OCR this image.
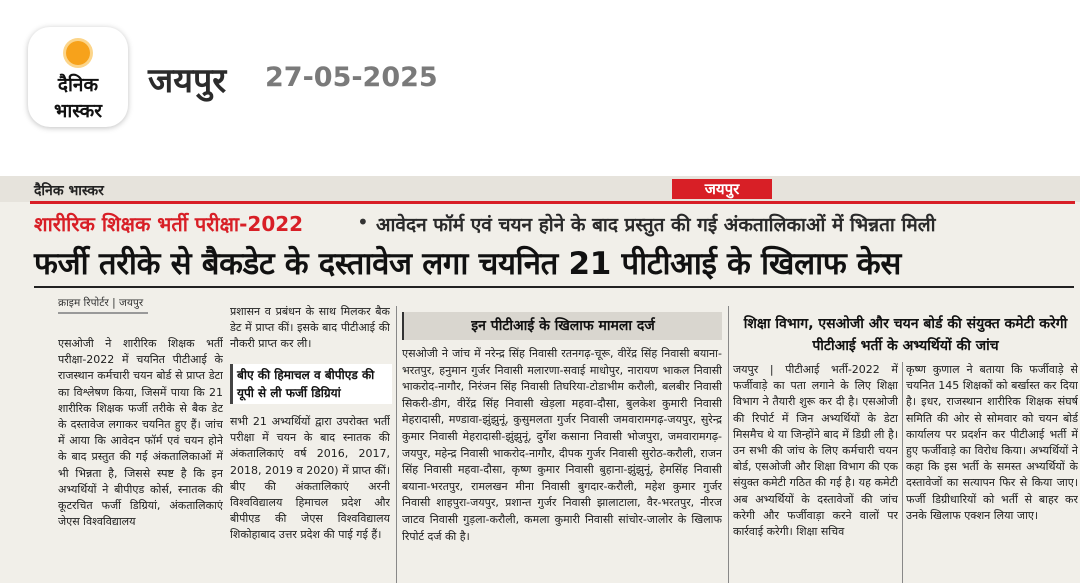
दैनिक
भास्कर
जयपुर 27-05-2025
दैनिक भास्कर	जयपुर
शारीरिक शिक्षक भर्ती परीक्षा-2022	• आवेदन फॉर्म एवं चयन होने के बाद प्रस्तुत की गई अंकतालिकाओं में भिन्नता मिली
फर्जी तरीके से बैकडेट के दस्तावेज लगा चयनित 21 पीटीआई के खिलाफ केस
क्राइम रिपोर्टर | जयपुर
एसओजी ने शारीरिक शिक्षक भर्ती परीक्षा-2022 में चयनित पीटीआई के राजस्थान कर्मचारी चयन बोर्ड से प्राप्त डेटा का विश्लेषण किया, जिसमें पाया कि 21 शारीरिक शिक्षक फर्जी तरीके से बैक डेट के दस्तावेज लगाकर चयनित हुए हैं। जांच में आया कि आवेदन फॉर्म एवं चयन होने के बाद प्रस्तुत की गई अंकतालिकाओं में भी भिन्नता है, जिससे स्पष्ट है कि इन अभ्यर्थियों ने बीपीएड कोर्स, स्नातक की कूटरचित फर्जी डिग्रियां, अंकतालिकाएं जेएस विश्वविद्यालय
प्रशासन व प्रबंधन के साथ मिलकर बैक डेट में प्राप्त कीं। इसके बाद पीटीआई की नौकरी प्राप्त कर ली।
बीए की हिमाचल व बीपीएड की यूपी से ली फर्जी डिग्रियां
सभी 21 अभ्यर्थियों द्वारा उपरोक्त भर्ती परीक्षा में चयन के बाद स्नातक की अंकतालिकाएं वर्ष 2016, 2017, 2018, 2019 व 2020) में प्राप्त कीं। बीए की अंकतालिकाएं अरनी विश्वविद्यालय हिमाचल प्रदेश और बीपीएड की जेएस विश्वविद्यालय शिकोहाबाद उत्तर प्रदेश की पाई गई हैं।
इन पीटीआई के खिलाफ मामला दर्ज
एसओजी ने जांच में नरेन्द्र सिंह निवासी रतनगढ़-चूरू, वीरेंद्र सिंह निवासी बयाना-भरतपुर, हनुमान गुर्जर निवासी मलारणा-सवाई माधोपुर, नारायण भाकल निवासी भाकरोद-नागौर, निरंजन सिंह निवासी तिघरिया-टोडाभीम करौली, बलबीर निवासी सिकरी-डीग, वीरेंद्र सिंह निवासी खेड़ला महवा-दौसा, बुलकेश कुमारी निवासी मेहरादासी, मण्डावा-झुंझुनूं, कुसुमलता गुर्जर निवासी जमवारामगढ़-जयपुर, सुरेन्द्र कुमार निवासी मेहरादासी-झुंझुनूं, दुर्गेश कसाना निवासी भोजपुरा, जमवारामगढ़-जयपुर, महेन्द्र निवासी भाकरोद-नागौर, दीपक गुर्जर निवासी सुरोठ-करौली, राजन सिंह निवासी महवा-दौसा, कृष्ण कुमार निवासी बुहाना-झुंझुनूं, हेमसिंह निवासी बयाना-भरतपुर, रामलखन मीना निवासी बुगदार-करौली, महेश कुमार गुर्जर निवासी शाहपुरा-जयपुर, प्रशान्त गुर्जर निवासी झालाटाला, वैर-भरतपुर, नीरज जाटव निवासी गुड़ला-करौली, कमला कुमारी निवासी सांचोर-जालोर के खिलाफ रिपोर्ट दर्ज की है।
शिक्षा विभाग, एसओजी और चयन बोर्ड की संयुक्त कमेटी करेगी पीटीआई भर्ती के अभ्यर्थियों की जांच
जयपुर | पीटीआई भर्ती-2022 में फर्जीवाड़े का पता लगाने के लिए शिक्षा विभाग ने तैयारी शुरू कर दी है। एसओजी की रिपोर्ट में जिन अभ्यर्थियों के डेटा मिसमैच थे या जिन्होंने बाद में डिग्री ली है। उन सभी की जांच के लिए कर्मचारी चयन बोर्ड, एसओजी और शिक्षा विभाग की एक संयुक्त कमेटी गठित की गई है। यह कमेटी अब अभ्यर्थियों के दस्तावेजों की जांच करेगी और फर्जीवाड़ा करने वालों पर कार्रवाई करेगी। शिक्षा सचिव
कृष्ण कुणाल ने बताया कि फर्जीवाड़े से चयनित 145 शिक्षकों को बर्खास्त कर दिया है। इधर, राजस्थान शारीरिक शिक्षक संघर्ष समिति की ओर से सोमवार को चयन बोर्ड कार्यालय पर प्रदर्शन कर पीटीआई भर्ती में हुए फर्जीवाड़े का विरोध किया। अभ्यर्थियों ने कहा कि इस भर्ती के समस्त अभ्यर्थियों के दस्तावेजों का सत्यापन फिर से किया जाए। फर्जी डिग्रीधारियों को भर्ती से बाहर कर उनके खिलाफ एक्शन लिया जाए।
